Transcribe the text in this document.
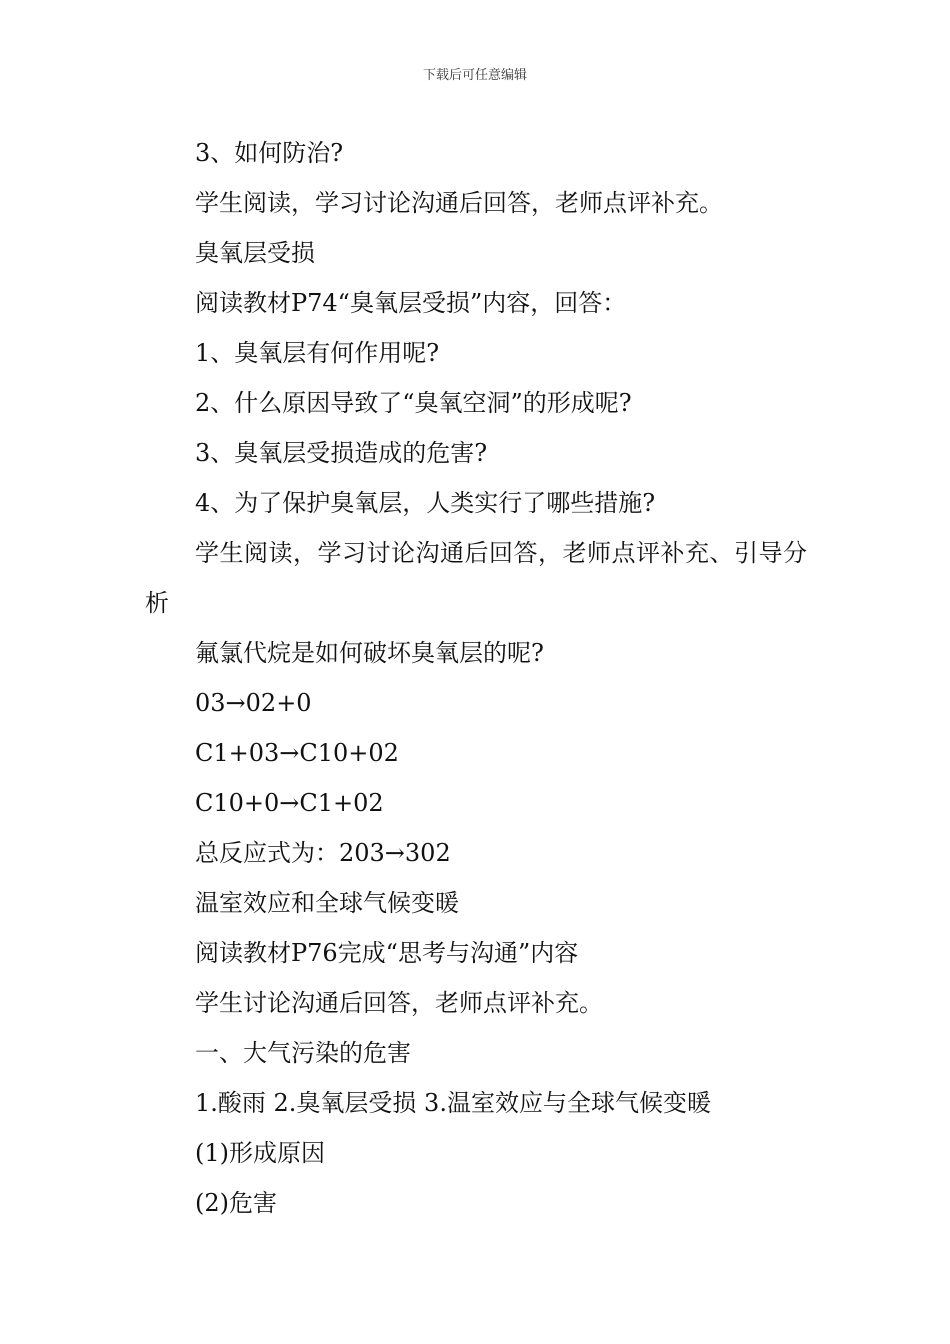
下载后可任意编辑
3、如何防治?
学生阅读，学习讨论沟通后回答，老师点评补充。
臭氧层受损
阅读教材P74“臭氧层受损”内容，回答：
1、臭氧层有何作用呢?
2、什么原因导致了“臭氧空洞”的形成呢?
3、臭氧层受损造成的危害?
4、为了保护臭氧层，人类实行了哪些措施?
学生阅读，学习讨论沟通后回答，老师点评补充、引导分析
氟氯代烷是如何破坏臭氧层的呢?
03→02+0
C1+03→C10+02
C10+0→C1+02
总反应式为：203→302
温室效应和全球气候变暖
阅读教材P76完成“思考与沟通”内容
学生讨论沟通后回答，老师点评补充。
一、大气污染的危害
1.酸雨 2.臭氧层受损 3.温室效应与全球气候变暖
(1)形成原因
(2)危害
